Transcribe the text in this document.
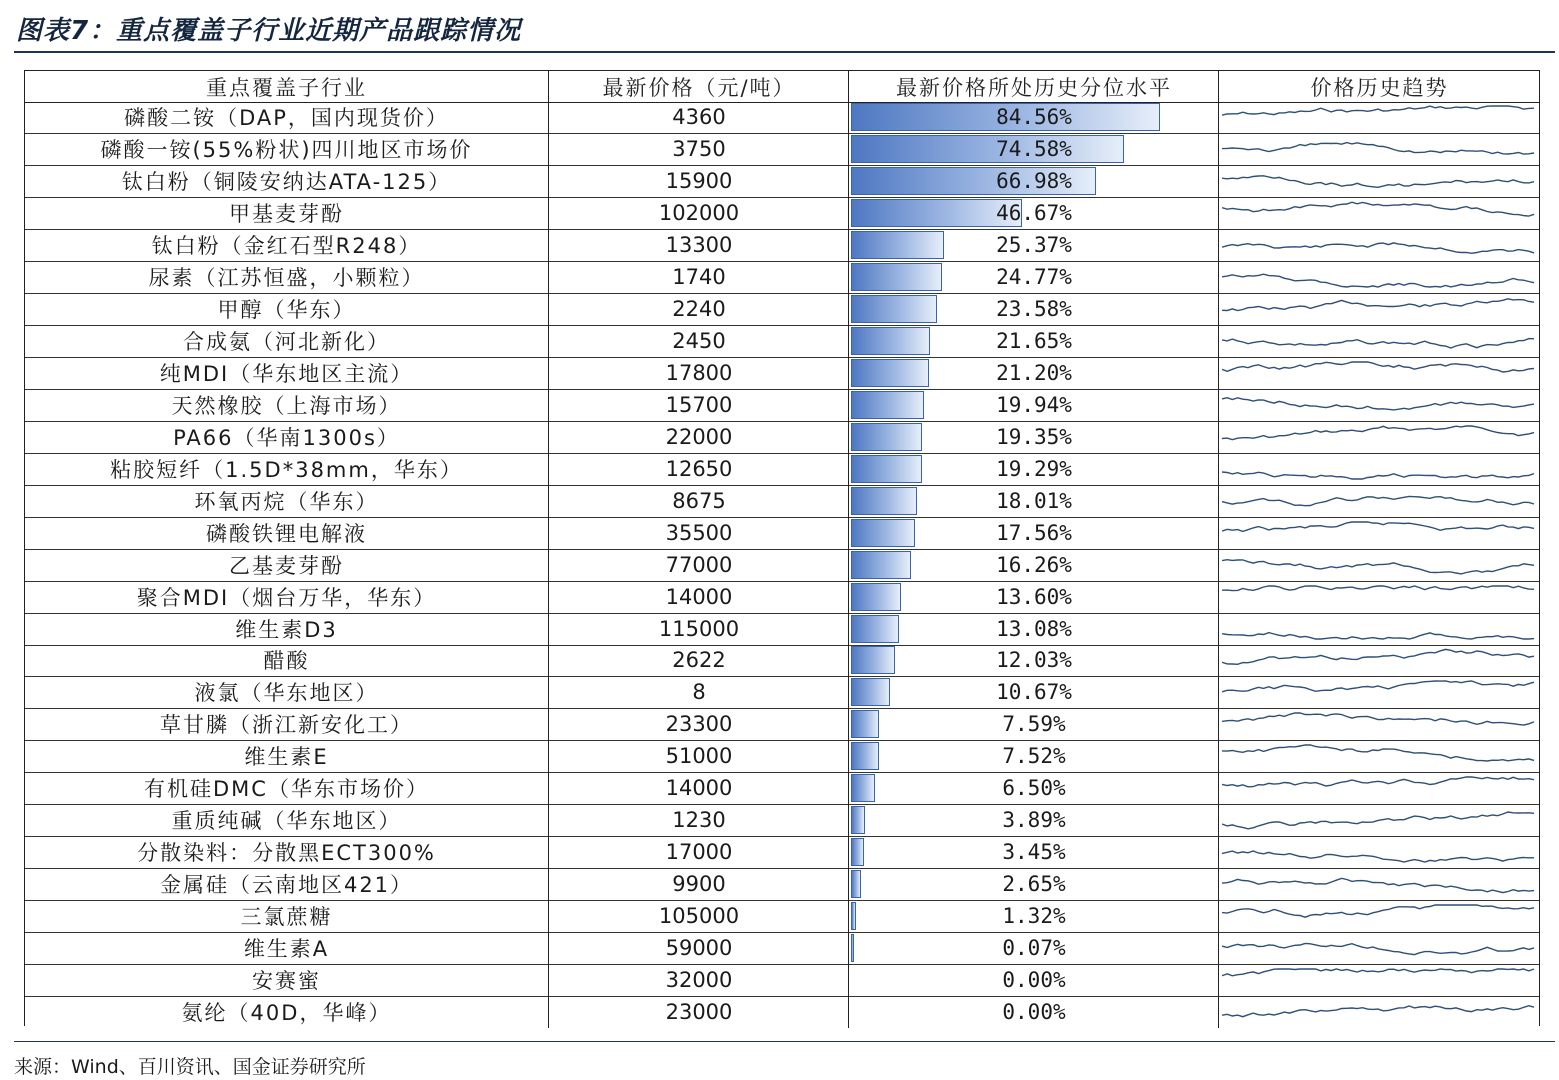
图表7：重点覆盖子行业近期产品跟踪情况
重点覆盖子行业	最新价格（元/吨）	最新价格所处历史分位水平	价格历史趋势
磷酸二铵（DAP，国内现货价）	4360	84.56%
磷酸一铵(55%粉状)四川地区市场价	3750	74.58%
钛白粉（铜陵安纳达ATA-125）	15900	66.98%
甲基麦芽酚	102000	46.67%
钛白粉（金红石型R248）	13300	25.37%
尿素（江苏恒盛，小颗粒）	1740	24.77%
甲醇（华东）	2240	23.58%
合成氨（河北新化）	2450	21.65%
纯MDI（华东地区主流）	17800	21.20%
天然橡胶（上海市场）	15700	19.94%
PA66（华南1300s）	22000	19.35%
粘胶短纤（1.5D*38mm，华东）	12650	19.29%
环氧丙烷（华东）	8675	18.01%
磷酸铁锂电解液	35500	17.56%
乙基麦芽酚	77000	16.26%
聚合MDI（烟台万华，华东）	14000	13.60%
维生素D3	115000	13.08%
醋酸	2622	12.03%
液氯（华东地区）	8	10.67%
草甘膦（浙江新安化工）	23300	7.59%
维生素E	51000	7.52%
有机硅DMC（华东市场价）	14000	6.50%
重质纯碱（华东地区）	1230	3.89%
分散染料：分散黑ECT300%	17000	3.45%
金属硅（云南地区421）	9900	2.65%
三氯蔗糖	105000	1.32%
维生素A	59000	0.07%
安赛蜜	32000	0.00%
氨纶（40D，华峰）	23000	0.00%
来源：Wind、百川资讯、国金证券研究所
